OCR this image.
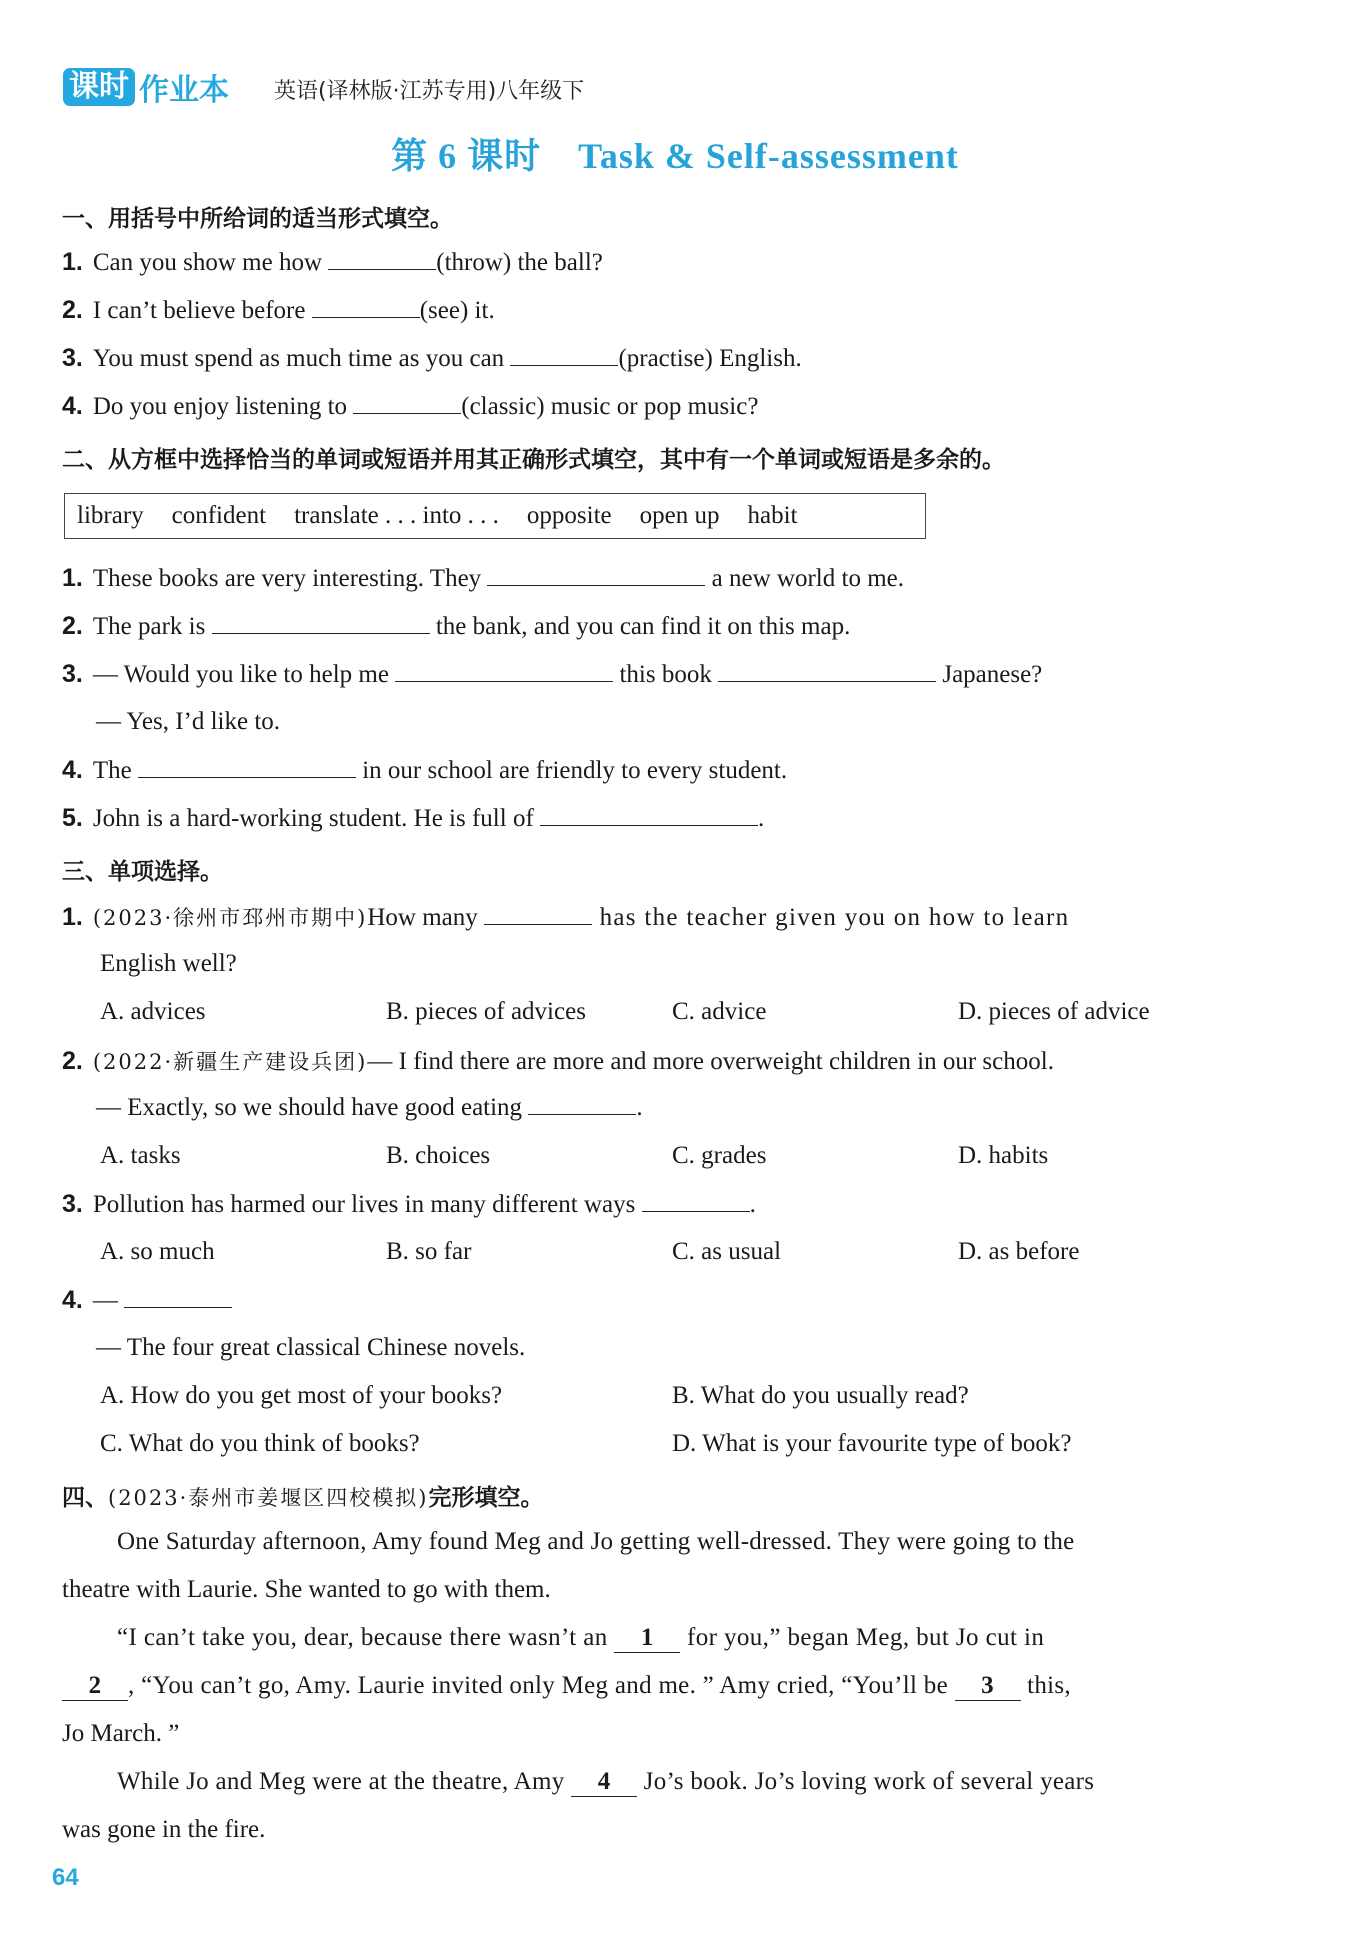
课时 作业本 英语(译林版·江苏专用)八年级下
第 6 课时　Task & Self-assessment
一、用括号中所给词的适当形式填空。
1. Can you show me how	(throw) the ball?
2. I can’t believe before	(see) it.
3. You must spend as much time as you can	(practise) English.
4. Do you enjoy listening to	(classic) music or pop music?
二、从方框中选择恰当的单词或短语并用其正确形式填空，其中有一个单词或短语是多余的。
library confident translate . . . into . . . opposite open up habit
1. These books are very interesting. They	a new world to me.
2. The park is	the bank, and you can find it on this map.
3. — Would you like to help me	this book	Japanese?
— Yes, I’d like to.
4. The	in our school are friendly to every student.
5. John is a hard-working student. He is full of	.
三、单项选择。
1. (2023·徐州市邳州市期中)How many	has the teacher given you on how to learn
English well?
A. advices	B. pieces of advices	C. advice	D. pieces of advice
2. (2022·新疆生产建设兵团)— I find there are more and more overweight children in our school.
— Exactly, so we should have good eating	.
A. tasks	B. choices	C. grades	D. habits
3. Pollution has harmed our lives in many different ways	.
A. so much	B. so far	C. as usual	D. as before
4. —
— The four great classical Chinese novels.
A. How do you get most of your books?	B. What do you usually read?
C. What do you think of books?	D. What is your favourite type of book?
四、(2023·泰州市姜堰区四校模拟)完形填空。
One Saturday afternoon, Amy found Meg and Jo getting well-dressed. They were going to the
theatre with Laurie. She wanted to go with them.
“I can’t take you, dear, because there wasn’t an 1 for you,” began Meg, but Jo cut in
2 , “You can’t go, Amy. Laurie invited only Meg and me. ” Amy cried, “You’ll be 3 this,
Jo March. ”
While Jo and Meg were at the theatre, Amy 4 Jo’s book. Jo’s loving work of several years
was gone in the fire.
64
